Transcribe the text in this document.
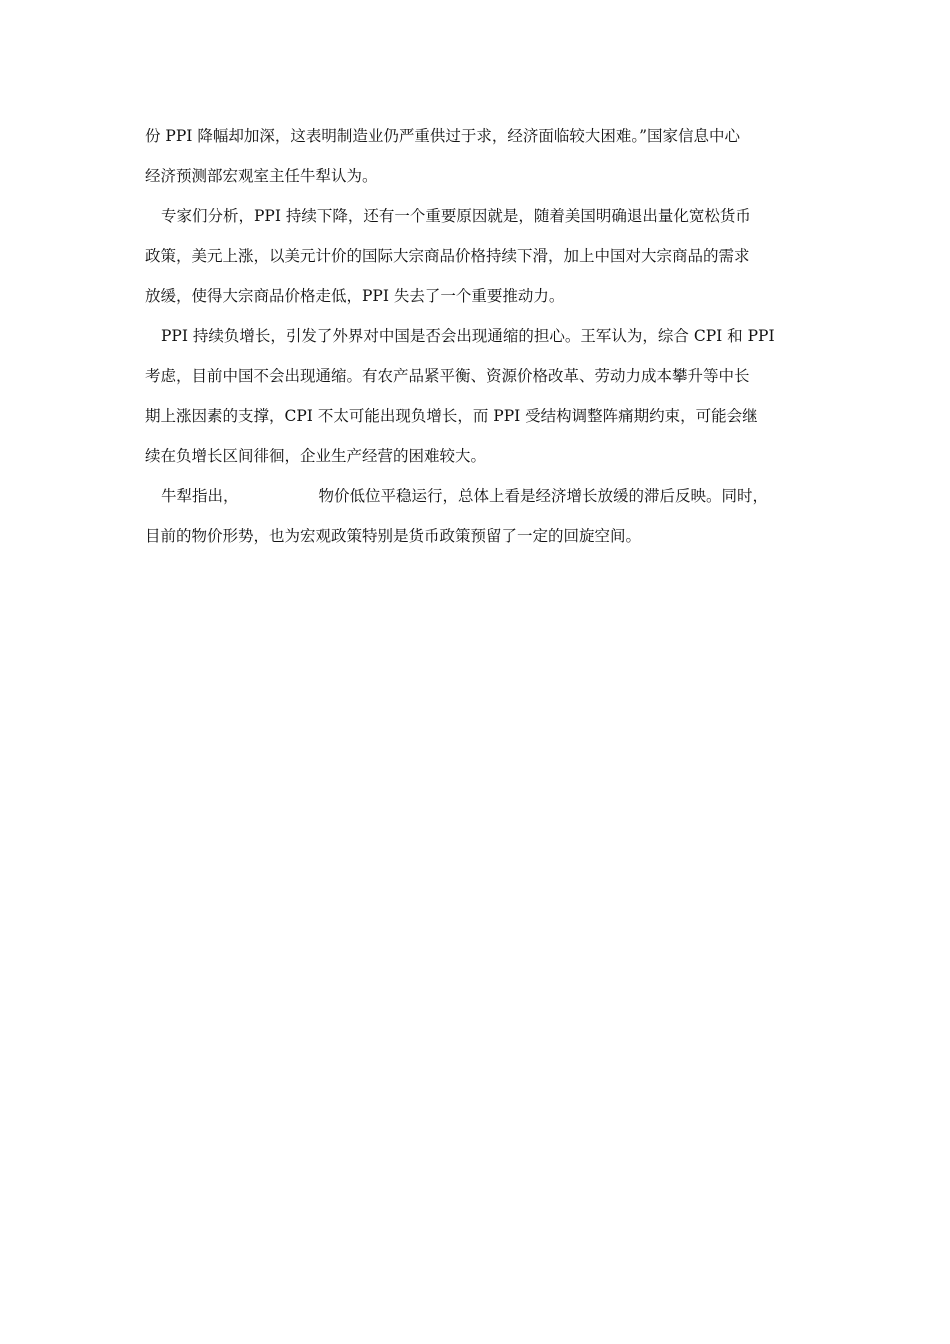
份 PPI 降幅却加深，这表明制造业仍严重供过于求，经济面临较大困难。”国家信息中心
经济预测部宏观室主任牛犁认为。
专家们分析，PPI 持续下降，还有一个重要原因就是，随着美国明确退出量化宽松货币
政策，美元上涨，以美元计价的国际大宗商品价格持续下滑，加上中国对大宗商品的需求
放缓，使得大宗商品价格走低，PPI 失去了一个重要推动力。
PPI 持续负增长，引发了外界对中国是否会出现通缩的担心。王军认为，综合 CPI 和 PPI
考虑，目前中国不会出现通缩。有农产品紧平衡、资源价格改革、劳动力成本攀升等中长
期上涨因素的支撑，CPI 不太可能出现负增长，而 PPI 受结构调整阵痛期约束，可能会继
续在负增长区间徘徊，企业生产经营的困难较大。
牛犁指出，	物价低位平稳运行，总体上看是经济增长放缓的滞后反映。同时，
目前的物价形势，也为宏观政策特别是货币政策预留了一定的回旋空间。
